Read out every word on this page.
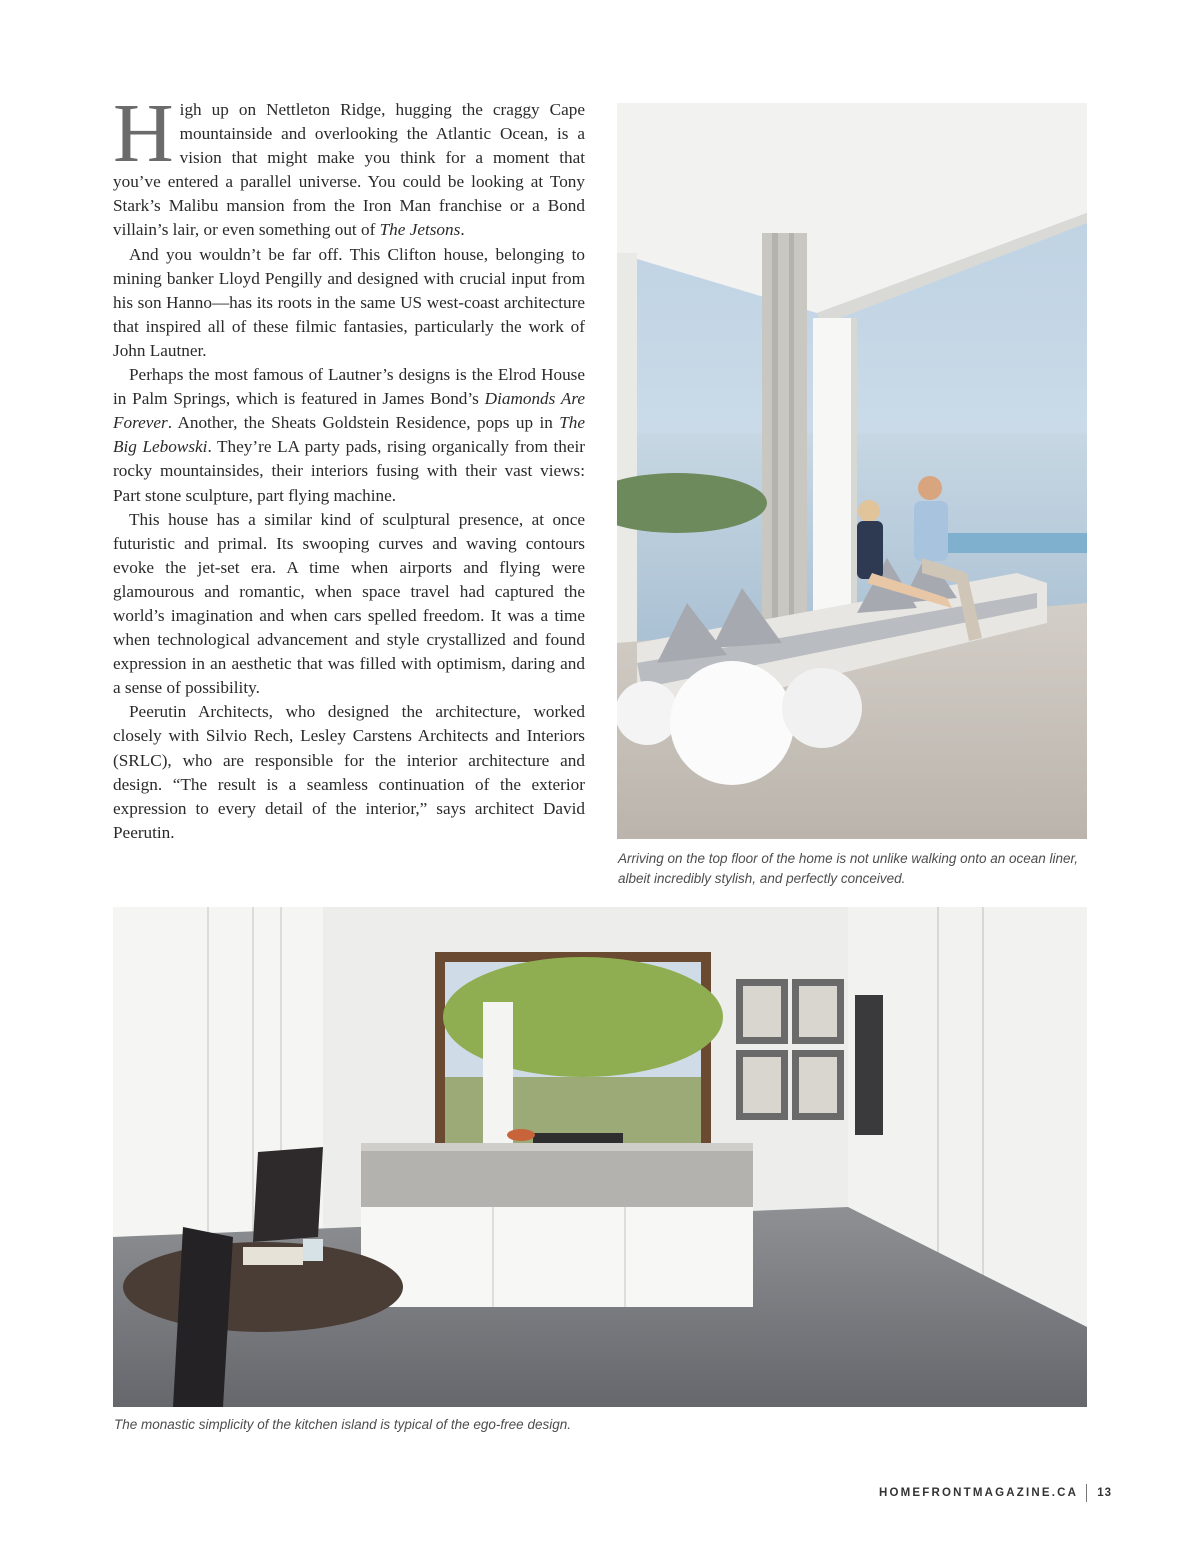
High up on Nettleton Ridge, hugging the craggy Cape mountainside and overlooking the Atlantic Ocean, is a vision that might make you think for a moment that you’ve entered a parallel universe. You could be looking at Tony Stark’s Malibu mansion from the Iron Man franchise or a Bond villain’s lair, or even something out of The Jetsons.

And you wouldn’t be far off. This Clifton house, belonging to mining banker Lloyd Pengilly and designed with crucial input from his son Hanno—has its roots in the same US west-coast architecture that inspired all of these filmic fantasies, particularly the work of John Lautner.

Perhaps the most famous of Lautner’s designs is the Elrod House in Palm Springs, which is featured in James Bond’s Diamonds Are Forever. Another, the Sheats Goldstein Residence, pops up in The Big Lebowski. They’re LA party pads, rising organically from their rocky mountainsides, their interiors fusing with their vast views: Part stone sculpture, part flying machine.

This house has a similar kind of sculptural presence, at once futuristic and primal. Its swooping curves and waving contours evoke the jet-set era. A time when airports and flying were glamourous and romantic, when space travel had captured the world’s imagination and when cars spelled freedom. It was a time when technological advancement and style crystallized and found expression in an aesthetic that was filled with optimism, daring and a sense of possibility.

Peerutin Architects, who designed the architecture, worked closely with Silvio Rech, Lesley Carstens Architects and Interiors (SRLC), who are responsible for the interior architecture and design. “The result is a seamless continuation of the exterior expression to every detail of the interior,” says architect David Peerutin.

Arriving on the top floor of the home is not unlike walking onto an ocean liner, albeit incredibly stylish, and perfectly conceived.
The monastic simplicity of the kitchen island is typical of the ego-free design.
HOMEFRONTMAGAZINE.CA 13
